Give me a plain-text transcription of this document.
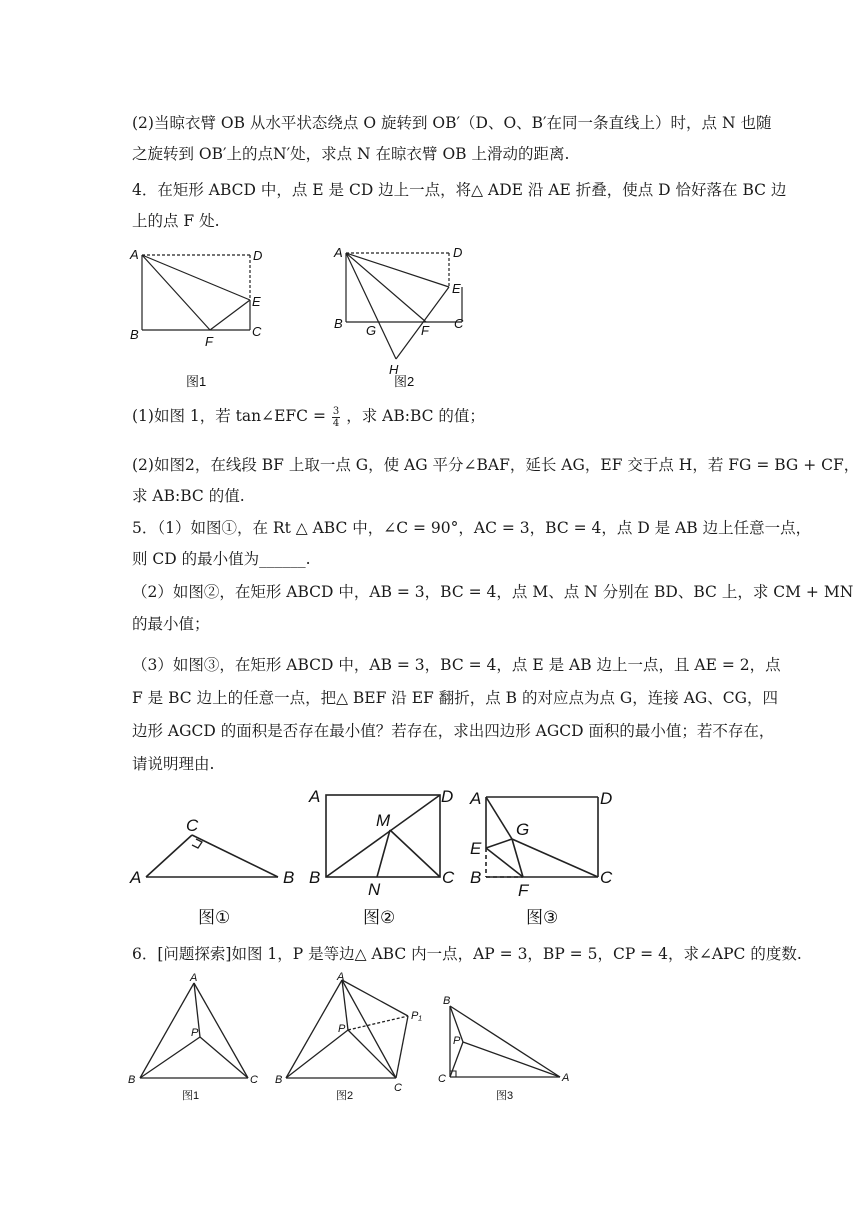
(2)当晾衣臂 OB 从水平状态绕点 O 旋转到 OB′（D、O、B′在同一条直线上）时，点 N 也随
之旋转到 OB′上的点N′处，求点 N 在晾衣臂 OB 上滑动的距离.
4．在矩形 ABCD 中，点 E 是 CD 边上一点，将△ ADE 沿 AE 折叠，使点 D 恰好落在 BC 边
上的点 F 处.
A	D
E
B	F
C
图1
A	D
E
B G	F C
H
图2
(1)如图 1，若 tan∠EFC = $\frac{3}{4}$ ，求 AB:BC 的值；
(2)如图2，在线段 BF 上取一点 G，使 AG 平分∠BAF，延长 AG，EF 交于点 H，若 FG = BG + CF，
求 AB:BC 的值.
5．（1）如图①，在 Rt △ ABC 中，∠C = 90°，AC = 3，BC = 4，点 D 是 AB 边上任意一点，
则 CD 的最小值为______.
（2）如图②，在矩形 ABCD 中，AB = 3，BC = 4，点 M、点 N 分别在 BD、BC 上，求 CM + MN
的最小值；
（3）如图③，在矩形 ABCD 中，AB = 3，BC = 4，点 E 是 AB 边上一点，且 AE = 2，点
F 是 BC 边上的任意一点，把△ BEF 沿 EF 翻折，点 B 的对应点为点 G，连接 AG、CG，四
边形 AGCD 的面积是否存在最小值？若存在，求出四边形 AGCD 面积的最小值；若不存在，
请说明理由.
C
A	B
图①
A	D
M
B
N
C
图②
A	D
G
E
B
F
C
图③
6．[问题探索]如图 1，P 是等边△ ABC 内一点，AP = 3，BP = 5，CP = 4，求∠APC 的度数.
A
P
B	C
图1
A
P
P₁
B
C
图2
B
P
C	A
图3
